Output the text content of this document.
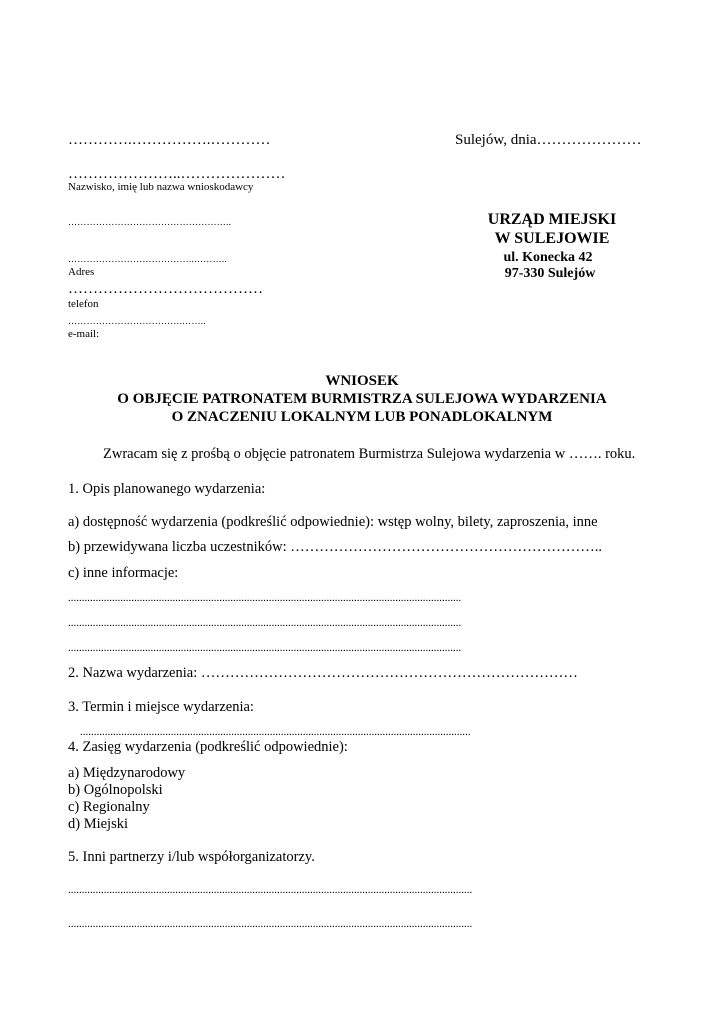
………….…………….…………	Sulejów, dnia…………………
…………………..…………………
Nazwisko, imię lub nazwa wnioskodawcy
……………………………………………..
…………………………………..………..
Adres
…………………………………
telefon
……………………………….……..
e-mail:
URZĄD MIEJSKI
W SULEJOWIE
ul. Konecka 42
97-330 Sulejów
WNIOSEK
O OBJĘCIE PATRONATEM BURMISTRZA SULEJOWA WYDARZENIA
O ZNACZENIU LOKALNYM LUB PONADLOKALNYM
Zwracam się z prośbą o objęcie patronatem Burmistrza Sulejowa wydarzenia w ……. roku.
1. Opis planowanego wydarzenia:
a) dostępność wydarzenia (podkreślić odpowiednie): wstęp wolny, bilety, zaproszenia, inne
b) przewidywana liczba uczestników: ………………………………………………………..
c) inne informacje:
...............................................................................................................................................
...............................................................................................................................................
...............................................................................................................................................
2. Nazwa wydarzenia: ……………………………………………………………………
3. Termin i miejsce wydarzenia:
..............................................................................................................................................
4. Zasięg wydarzenia (podkreślić odpowiednie):
a) Międzynarodowy
b) Ogólnopolski
c) Regionalny
d) Miejski
5. Inni partnerzy i/lub współorganizatorzy.
...................................................................................................................................................
...................................................................................................................................................
